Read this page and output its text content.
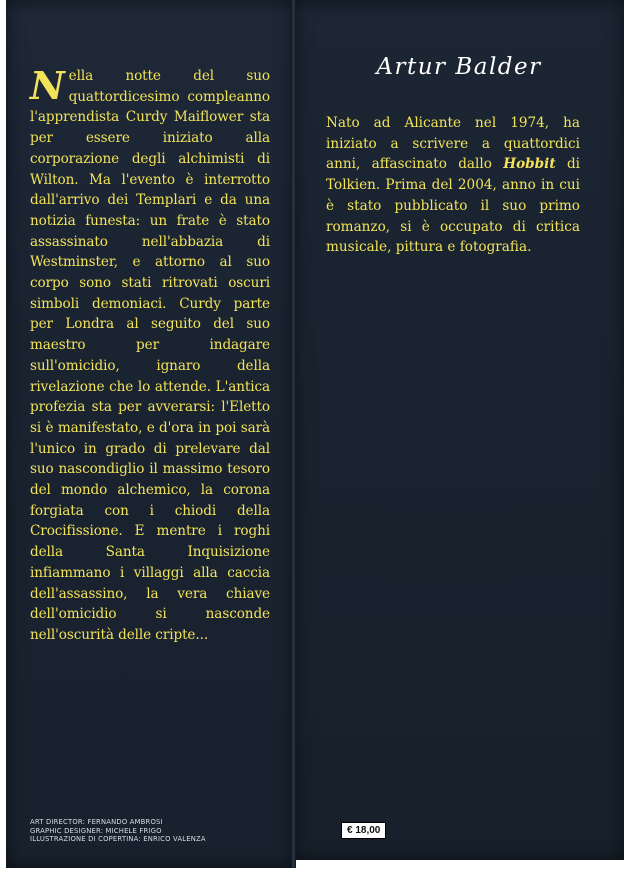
Nella notte del suo quattordicesimo compleanno l'apprendista Curdy Maiflower sta per essere iniziato alla corporazione degli alchimisti di Wilton. Ma l'evento è interrotto dall'arrivo dei Templari e da una notizia funesta: un frate è stato assassinato nell'abbazia di Westminster, e attorno al suo corpo sono stati ritrovati oscuri simboli demoniaci. Curdy parte per Londra al seguito del suo maestro per indagare sull'omicidio, ignaro della rivelazione che lo attende. L'antica profezia sta per avverarsi: l'Eletto si è manifestato, e d'ora in poi sarà l'unico in grado di prelevare dal suo nascondiglio il massimo tesoro del mondo alchemico, la corona forgiata con i chiodi della Crocifissione. E mentre i roghi della Santa Inquisizione infiammano i villaggi alla caccia dell'assassino, la vera chiave dell'omicidio si nasconde nell'oscurità delle cripte...
Artur Balder
Nato ad Alicante nel 1974, ha iniziato a scrivere a quattordici anni, affascinato dallo Hobbit di Tolkien. Prima del 2004, anno in cui è stato pubblicato il suo primo romanzo, si è occupato di critica musicale, pittura e fotografia.
ART DIRECTOR: FERNANDO AMBROSI
GRAPHIC DESIGNER: MICHELE FRIGO
ILLUSTRAZIONE DI COPERTINA: ENRICO VALENZA
€ 18,00
